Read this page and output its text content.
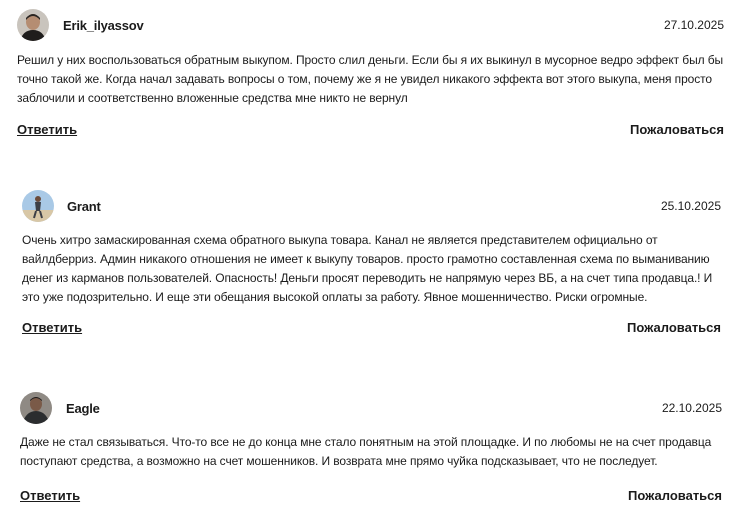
Erik_ilyassov	27.10.2025
Решил у них воспользоваться обратным выкупом. Просто слил деньги. Если бы я их выкинул в мусорное ведро эффект был бы точно такой же. Когда начал задавать вопросы о том, почему же я не увидел никакого эффекта вот этого выкупа, меня просто заблочили и соответственно вложенные средства мне никто не вернул
Ответить	Пожаловаться
Grant	25.10.2025
Очень хитро замаскированная схема обратного выкупа товара. Канал не является представителем официально от вайлдберриз. Админ никакого отношения не имеет к выкупу товаров. просто грамотно составленная схема по выманиванию денег из карманов пользователей. Опасность! Деньги просят переводить не напрямую через ВБ, а на счет типа продавца.! И это уже подозрительно. И еще эти обещания высокой оплаты за работу. Явное мошенничество. Риски огромные.
Ответить	Пожаловаться
Eagle	22.10.2025
Даже не стал связываться. Что-то все не до конца мне стало понятным на этой площадке. И по любомы не на счет продавца поступают средства, а возможно на счет мошенников. И возврата мне прямо чуйка подсказывает, что не последует.
Ответить	Пожаловаться
